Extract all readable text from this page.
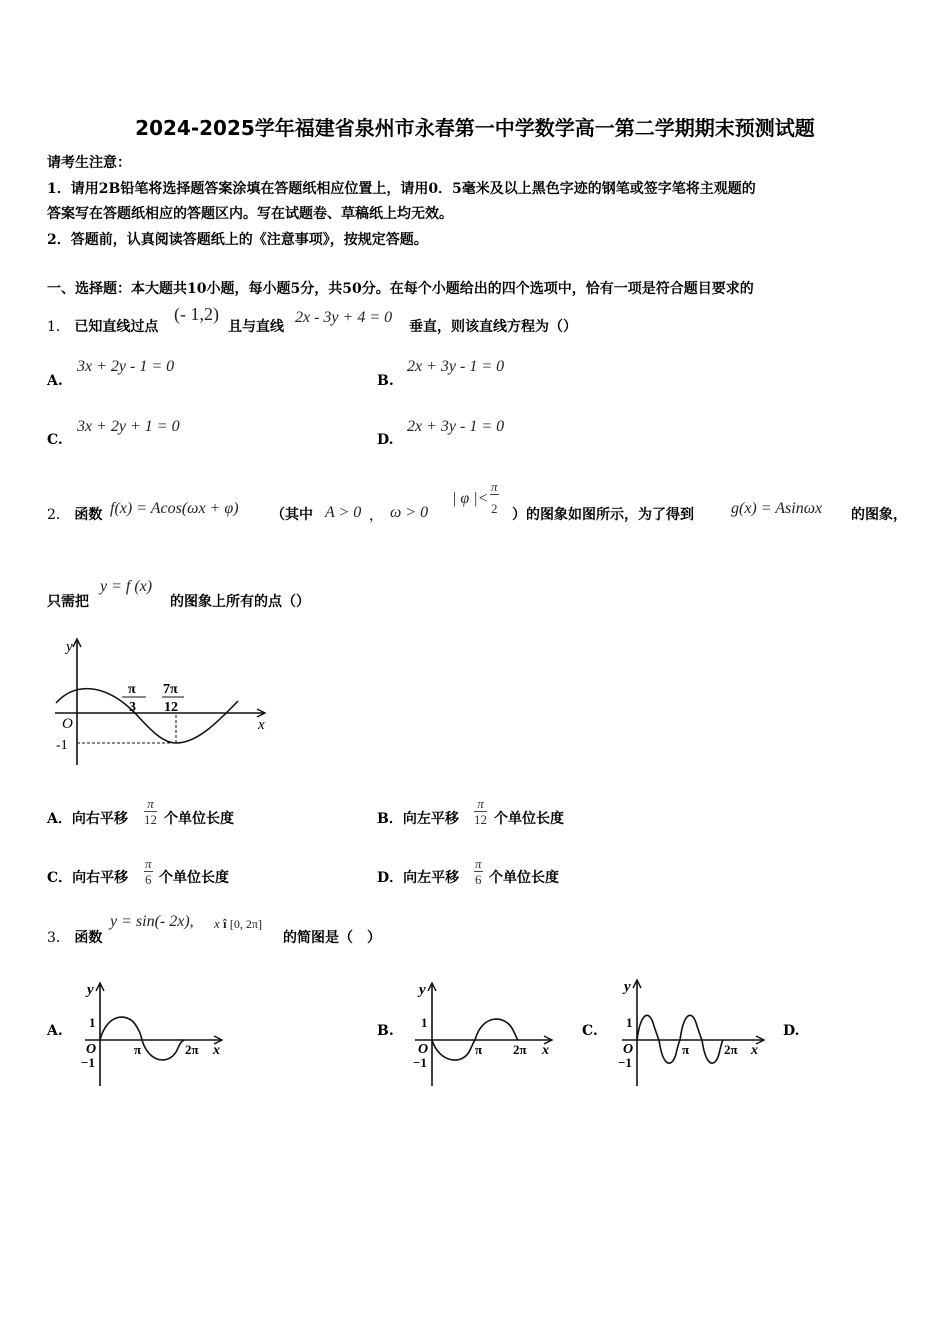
2024-2025学年福建省泉州市永春第一中学数学高一第二学期期末预测试题
请考生注意：
1．请用2B铅笔将选择题答案涂填在答题纸相应位置上，请用0．5毫米及以上黑色字迹的钢笔或签字笔将主观题的
答案写在答题纸相应的答题区内。写在试题卷、草稿纸上均无效。
2．答题前，认真阅读答题纸上的《注意事项》，按规定答题。
一、选择题：本大题共10小题，每小题5分，共50分。在每个小题给出的四个选项中，恰有一项是符合题目要求的
1． 已知直线过点
(- 1,2)
且与直线
2x - 3y + 4 = 0
垂直，则该直线方程为（）
A.
3x + 2y - 1 = 0
B.
2x + 3y - 1 = 0
C.
3x + 2y + 1 = 0
D.
2x + 3y - 1 = 0
2． 函数 f(x) = Acos(ωx + φ) （其中 A > 0 ， ω > 0
| φ |< $\frac{\pi}{2}$ ）的图象如图所示，为了得到 g(x) = Asinωx 的图象，
只需把
y = f (x)
的图象上所有的点（）
y
x
O
-1
π
3
7π
12
A．向右平移 $\frac{\pi}{12}$ 个单位长度	B．向左平移 $\frac{\pi}{12}$ 个单位长度
C．向右平移 $\frac{\pi}{6}$ 个单位长度	D．向左平移 $\frac{\pi}{6}$ 个单位长度
3． 函数
y = sin(- 2x), x î [0, 2π]
的简图是（　）
A.	B.	C.	D.
y
1
O
−1
π	2π x
y
1
O
−1
π 2π x
y
1
O
−1
π	2π x
